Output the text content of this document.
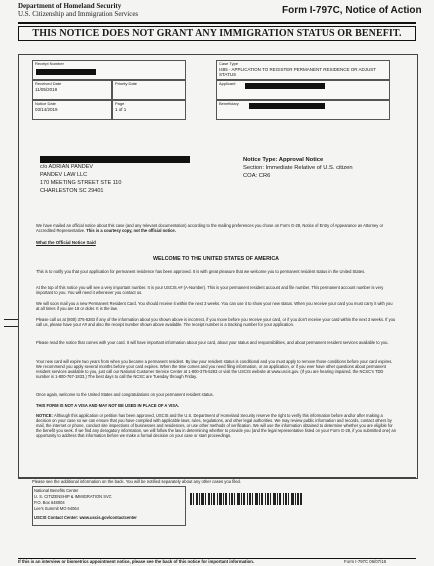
Department of Homeland Security
U.S. Citizenship and Immigration Services	Form I-797C, Notice of Action
THIS NOTICE DOES NOT GRANT ANY IMMIGRATION STATUS OR BENEFIT.
Receipt Number	Case Type
I485 - APPLICATION TO REGISTER PERMANENT RESIDENCE OR ADJUST STATUS
Received Date
11/05/2018
Priority Date	Applicant
Notice Date
03/14/2019
Page
1 of 1
Beneficiary
c/o ADRIAN PANDEV
PANDEV LAW LLC
170 MEETING STREET STE 110
CHARLESTON SC 29401
Notice Type: Approval Notice
Section: Immediate Relative of U.S. citizen
COA: CR6
We have mailed an official notice about this case (and any relevant documentation) according to the mailing preferences you chose on Form G-28, Notice of Entry of Appearance as Attorney or Accredited Representative. This is a courtesy copy, not the official notice.
What the Official Notice Said
WELCOME TO THE UNITED STATES OF AMERICA
This is to notify you that your application for permanent residence has been approved. It is with great pleasure that we welcome you to permanent resident status in the United States.
At the top of this notice you will see a very important number. It is your USCIS A# (A-Number). This is your permanent resident account and file number. This permanent account number is very important to you. You will need it whenever you contact us.
We will soon mail you a new Permanent Resident Card. You should receive it within the next 3 weeks. You can use it to show your new status. When you receive your card you must carry it with you at all times if you are 18 or older. It is the law.
Please call us at (800) 375-5283 if any of the information about you shown above is incorrect, if you move before you receive your card, or if you don't receive your card within the next 3 weeks. If you call us, please have your A# and also the receipt number shown above available. The receipt number is a tracking number for your application.
Please read the notice that comes with your card. It will have important information about your card, about your status and responsibilities, and about permanent resident services available to you.
Your new card will expire two years from when you became a permanent resident. By law your resident status is conditional and you must apply to remove those conditions before your card expires. We recommend you apply several months before your card expires. When the time comes and you need filing information, or an application, or if you ever have other questions about permanent resident services available to you, just call our National Customer Service Center at 1-800-375-5283 or visit the USCIS website at www.uscis.gov. (If you are hearing impaired, the NCSC's TDD number is 1-800-767-1833.) The best days to call the NCSC are Tuesday through Friday.
Once again, welcome to the United States and congratulations on your permanent resident status.
THIS FORM IS NOT A VISA AND MAY NOT BE USED IN PLACE OF A VISA.
NOTICE: Although this application or petition has been approved, USCIS and the U.S. Department of Homeland Security reserve the right to verify this information before and/or after making a decision on your case so we can ensure that you have complied with applicable laws, rules, regulations, and other legal authorities. We may review public information and records, contact others by mail, the internet or phone, conduct site inspections of businesses and residences, or use other methods of verification. We will use the information obtained to determine whether you are eligible for the benefit you seek. If we find any derogatory information, we will follow the law in determining whether to provide you (and the legal representative listed on your Form G-28, if you submitted one) an opportunity to address that information before we make a formal decision on your case or start proceedings.
Please see the additional information on the back. You will be notified separately about any other cases you filed.
National Benefits Center
U. S. CITIZENSHIP & IMMIGRATION SVC
P.O. Box 648004
Lee's Summit MO 64064
USCIS Contact Center: www.uscis.gov/contactcenter
If this is an interview or biometrics appointment notice, please see the back of this notice for important information.	Form I-797C 06/07/18
